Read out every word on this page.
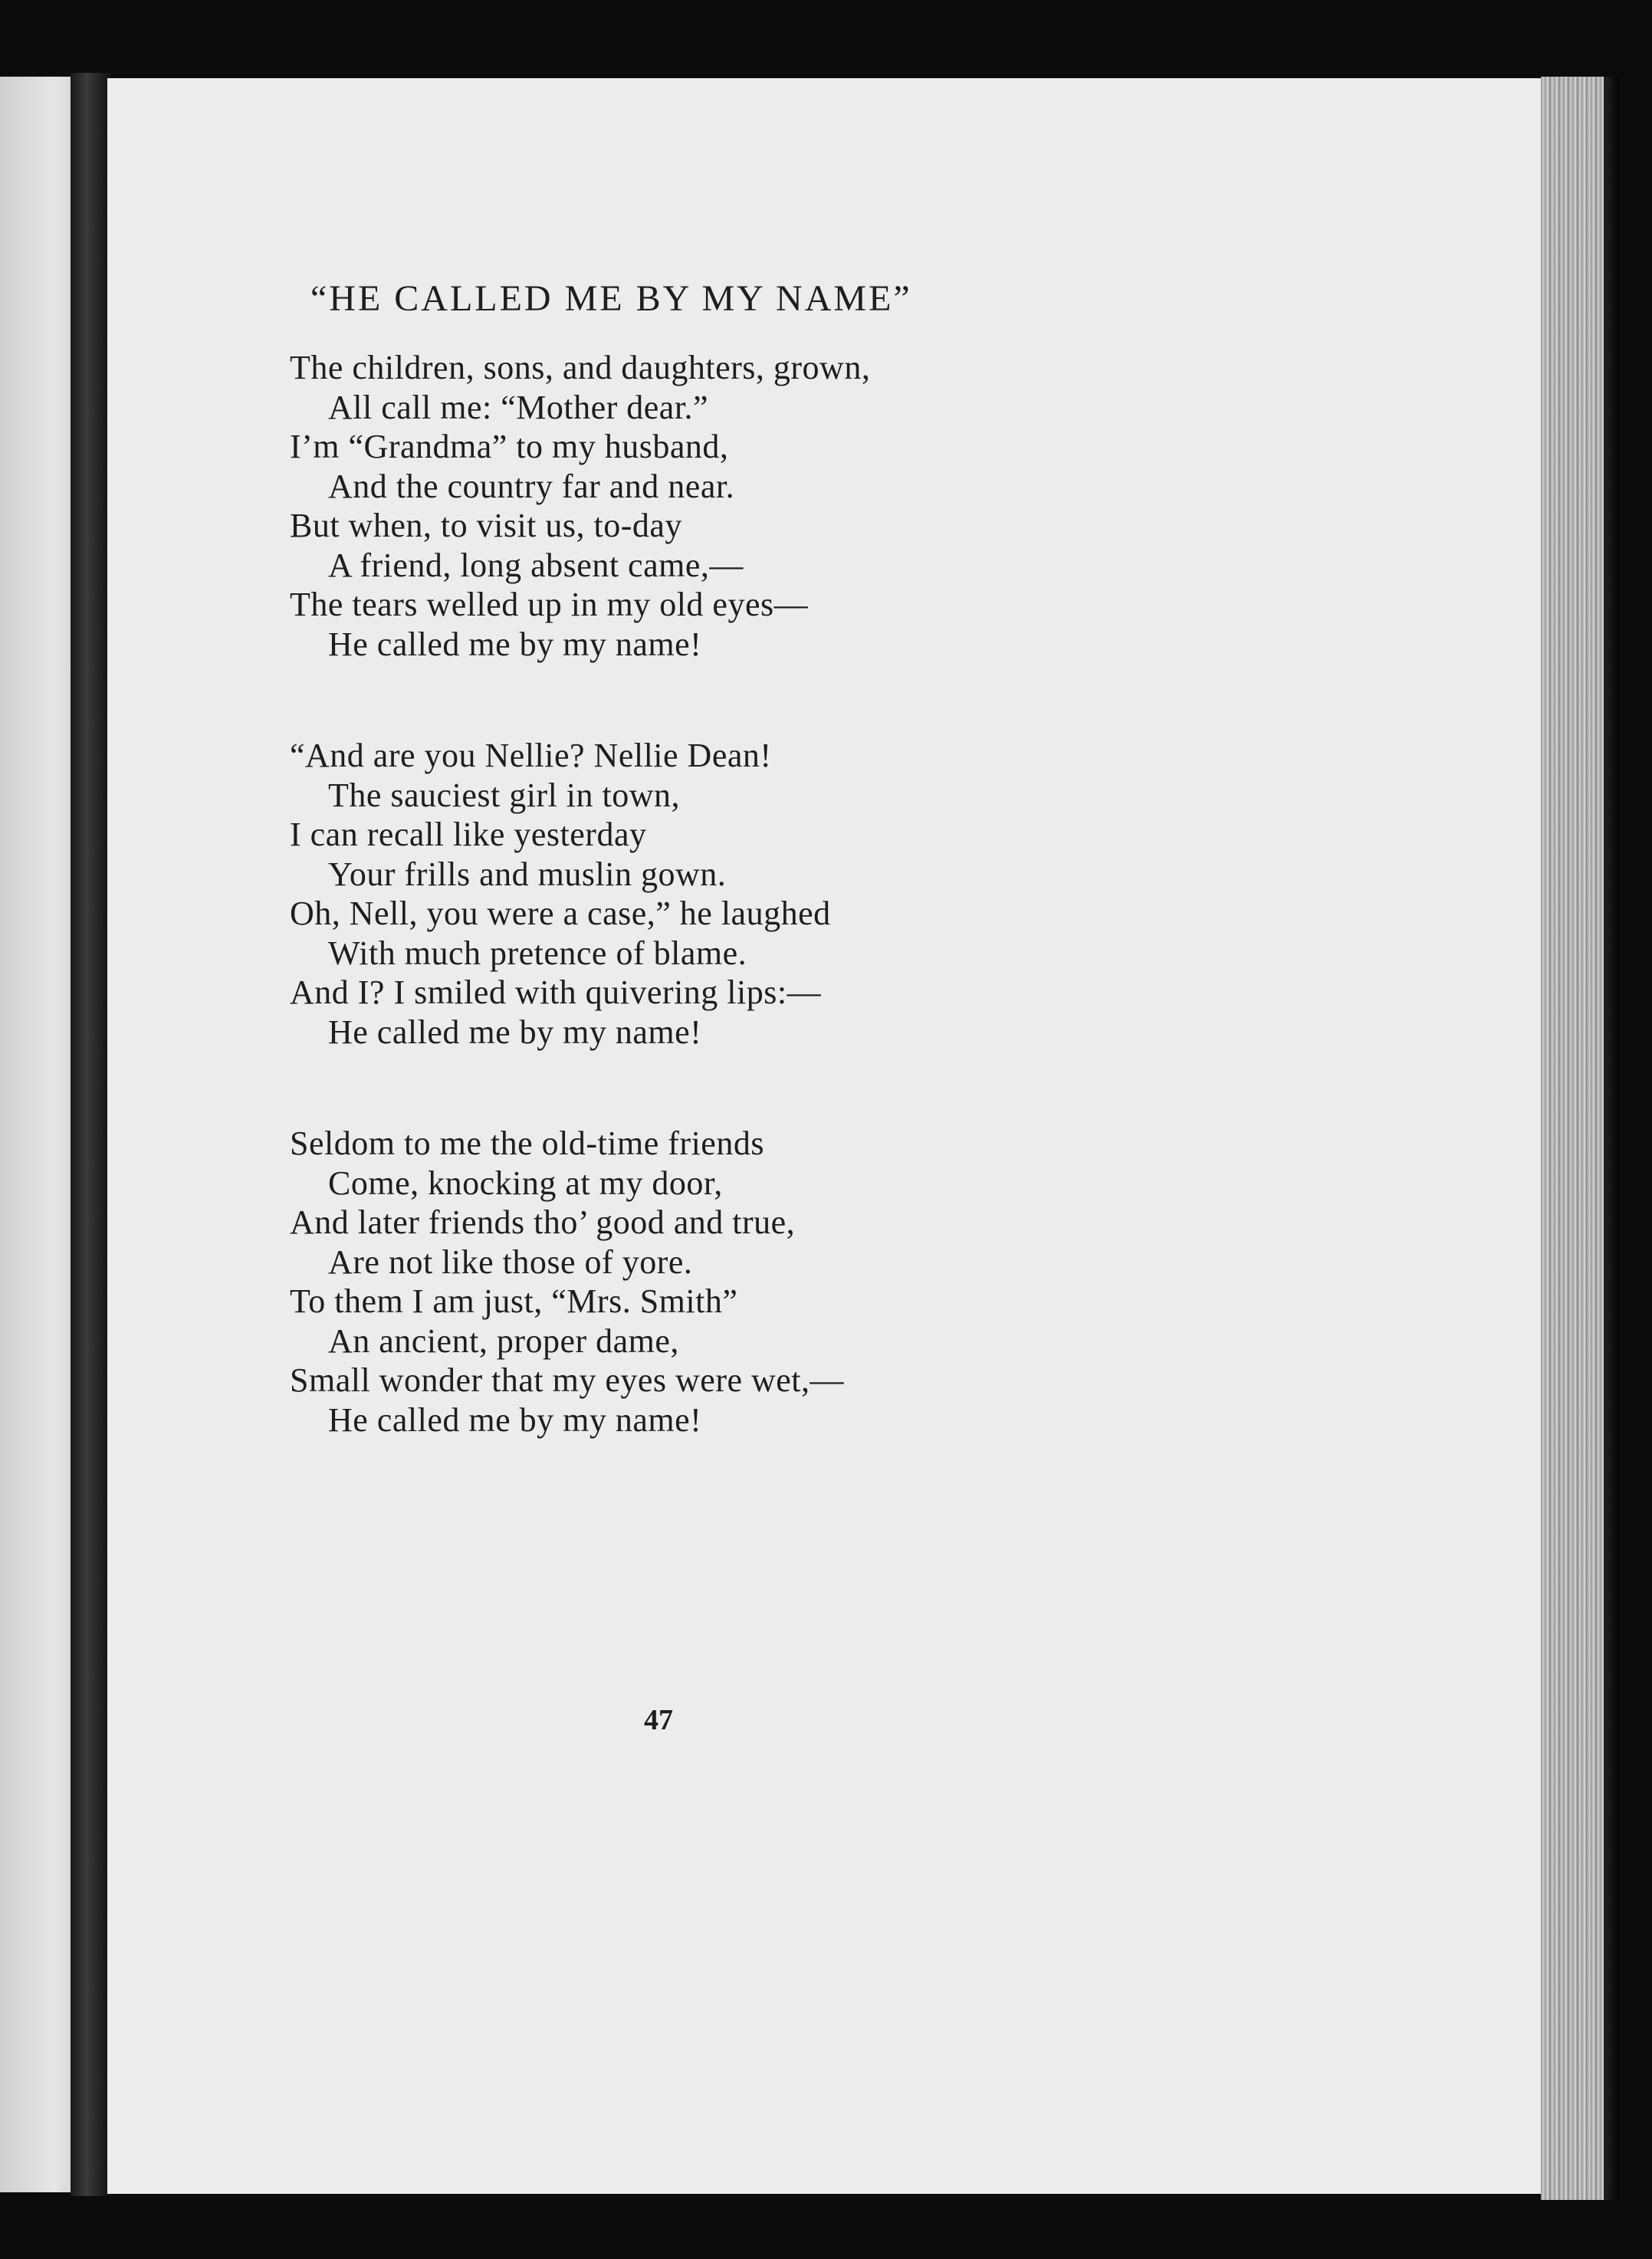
“HE CALLED ME BY MY NAME”
The children, sons, and daughters, grown,
All call me: “Mother dear.”
I’m “Grandma” to my husband,
And the country far and near.
But when, to visit us, to-day
A friend, long absent came,—
The tears welled up in my old eyes—
He called me by my name!
“And are you Nellie? Nellie Dean!
The sauciest girl in town,
I can recall like yesterday
Your frills and muslin gown.
Oh, Nell, you were a case,” he laughed
With much pretence of blame.
And I? I smiled with quivering lips:—
He called me by my name!
Seldom to me the old-time friends
Come, knocking at my door,
And later friends tho’ good and true,
Are not like those of yore.
To them I am just, “Mrs. Smith”
An ancient, proper dame,
Small wonder that my eyes were wet,—
He called me by my name!
47
